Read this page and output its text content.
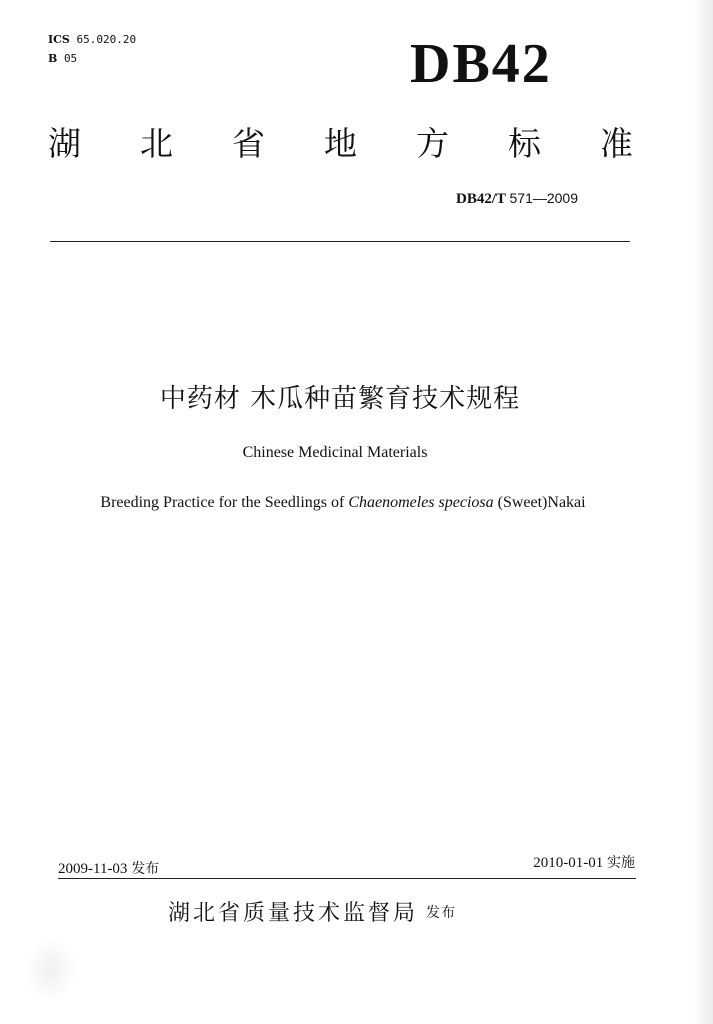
ICS 65.020.20
B 05	DB42
湖 北 省 地 方 标 准
DB42/T 571—2009
中药材 木瓜种苗繁育技术规程
Chinese Medicinal Materials
Breeding Practice for the Seedlings of Chaenomeles speciosa (Sweet)Nakai
2009-11-03 发布	2010-01-01 实施
湖北省质量技术监督局 发布
